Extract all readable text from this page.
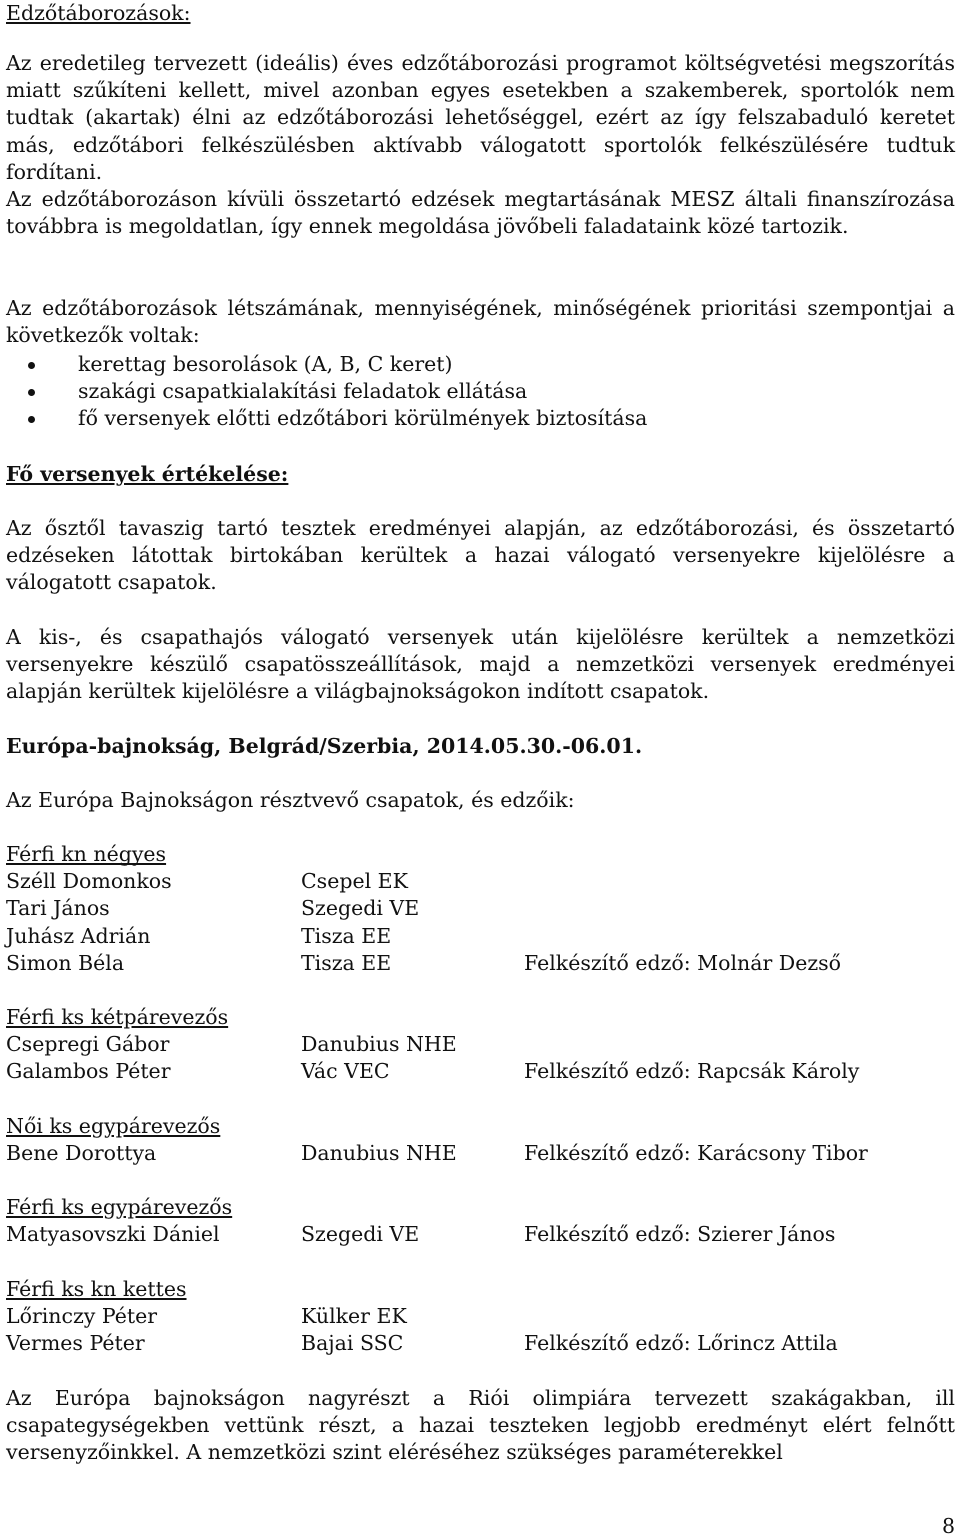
Edzőtáborozások:

Az eredetileg tervezett (ideális) éves edzőtáborozási programot költségvetési megszorítás miatt szűkíteni kellett, mivel azonban egyes esetekben a szakemberek, sportolók nem tudtak (akartak) élni az edzőtáborozási lehetőséggel, ezért az így felszabaduló keretet más, edzőtábori felkészülésben aktívabb válogatott sportolók felkészülésére tudtuk fordítani.

Az edzőtáborozáson kívüli összetartó edzések megtartásának MESZ általi finanszírozása továbbra is megoldatlan, így ennek megoldása jövőbeli faladataink közé tartozik.

Az edzőtáborozások létszámának, mennyiségének, minőségének prioritási szempontjai a következők voltak:

kerettag besorolások (A, B, C keret)
szakági csapatkialakítási feladatok ellátása
fő versenyek előtti edzőtábori körülmények biztosítása

Fő versenyek értékelése:

Az ősztől tavaszig tartó tesztek eredményei alapján, az edzőtáborozási, és összetartó edzéseken látottak birtokában kerültek a hazai válogató versenyekre kijelölésre a válogatott csapatok.

A kis-, és csapathajós válogató versenyek után kijelölésre kerültek a nemzetközi versenyekre készülő csapatösszeállítások, majd a nemzetközi versenyek eredményei alapján kerültek kijelölésre a világbajnokságokon indított csapatok.

Európa-bajnokság, Belgrád/Szerbia, 2014.05.30.-06.01.

Az Európa Bajnokságon résztvevő csapatok, és edzőik:

Férfi kn négyes

Széll Domonkos	Csepel EK
Tari János	Szegedi VE
Juhász Adrián	Tisza EE
Simon Béla	Tisza EE	Felkészítő edző: Molnár Dezső
Férfi ks kétpárevezős
Csepregi Gábor	Danubius NHE
Galambos Péter	Vác VEC	Felkészítő edző: Rapcsák Károly
Női ks egypárevezős
Bene Dorottya	Danubius NHE	Felkészítő edző: Karácsony Tibor
Férfi ks egypárevezős
Matyasovszki Dániel	Szegedi VE	Felkészítő edző: Szierer János
Férfi ks kn kettes
Lőrinczy Péter	Külker EK
Vermes Péter	Bajai SSC	Felkészítő edző: Lőrincz Attila

Az Európa bajnokságon nagyrészt a Riói olimpiára tervezett szakágakban, ill csapategységekben vettünk részt, a hazai teszteken legjobb eredményt elért felnőtt versenyzőinkkel. A nemzetközi szint eléréséhez szükséges paraméterekkel

8
